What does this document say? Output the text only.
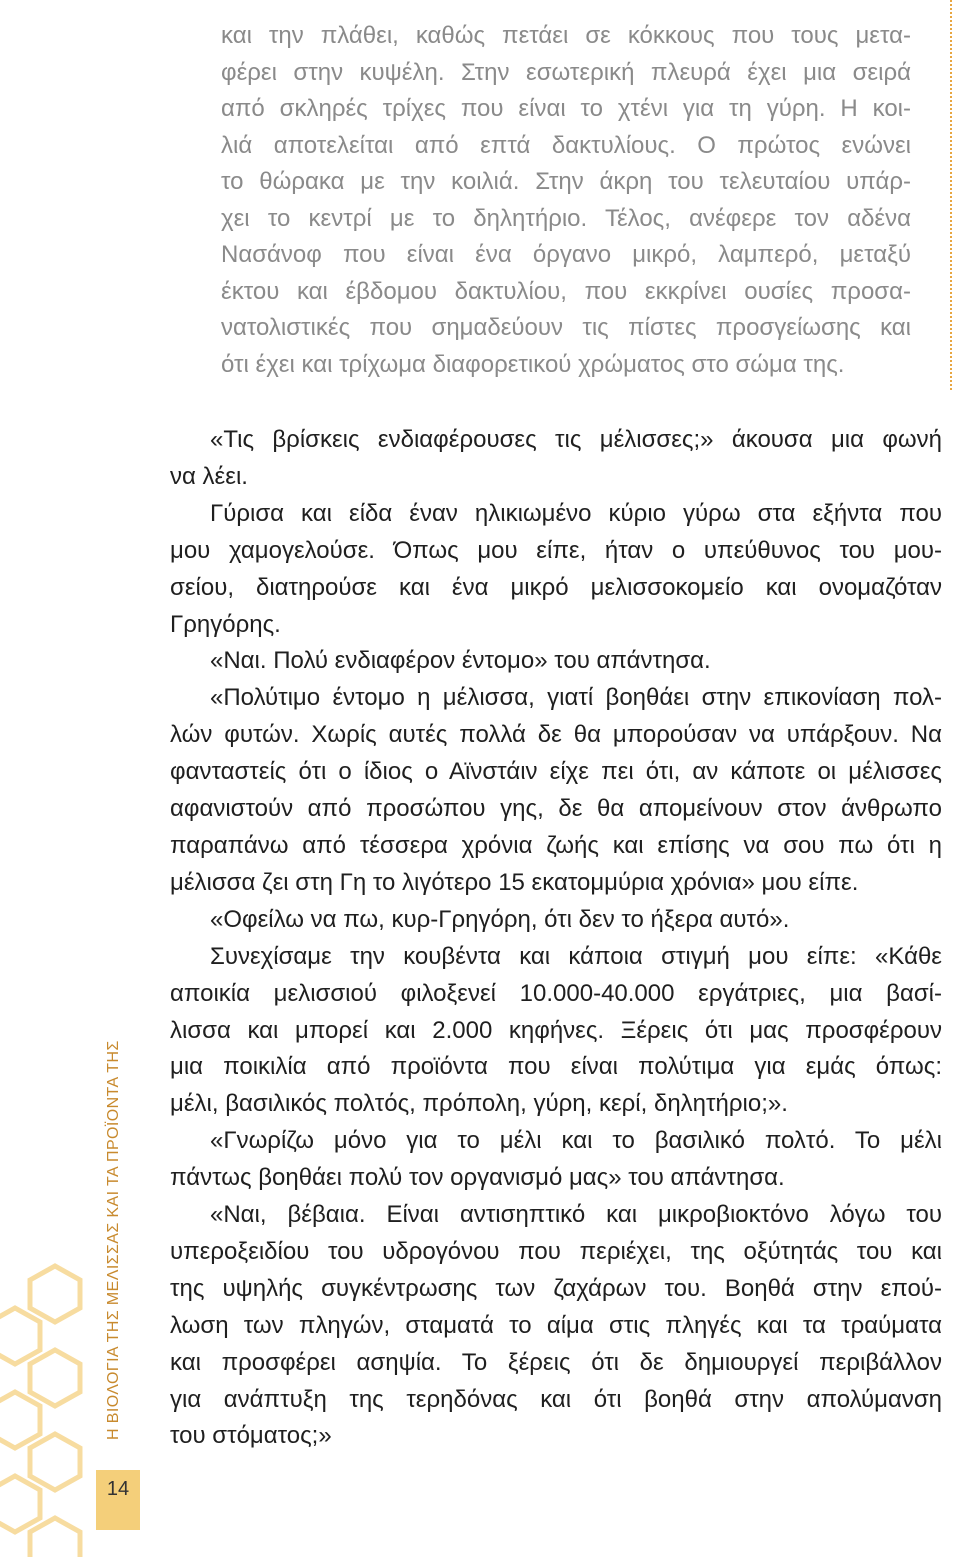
και την πλάθει, καθώς πετάει σε κόκκους που τους μετα-
φέρει στην κυψέλη. Στην εσωτερική πλευρά έχει μια σειρά
από σκληρές τρίχες που είναι το χτένι για τη γύρη. Η κοι-
λιά αποτελείται από επτά δακτυλίους. Ο πρώτος ενώνει
το θώρακα με την κοιλιά. Στην άκρη του τελευταίου υπάρ-
χει το κεντρί με το δηλητήριο. Τέλος, ανέφερε τον αδένα
Νασάνοφ που είναι ένα όργανο μικρό, λαμπερό, μεταξύ
έκτου και έβδομου δακτυλίου, που εκκρίνει ουσίες προσα-
νατολιστικές που σημαδεύουν τις πίστες προσγείωσης και
ότι έχει και τρίχωμα διαφορετικού χρώματος στο σώμα της.
«Τις βρίσκεις ενδιαφέρουσες τις μέλισσες;» άκουσα μια φωνή
να λέει.
Γύρισα και είδα έναν ηλικιωμένο κύριο γύρω στα εξήντα που
μου χαμογελούσε. Όπως μου είπε, ήταν ο υπεύθυνος του μου-
σείου, διατηρούσε και ένα μικρό μελισσοκομείο και ονομαζόταν
Γρηγόρης.
«Ναι. Πολύ ενδιαφέρον έντομο» του απάντησα.
«Πολύτιμο έντομο η μέλισσα, γιατί βοηθάει στην επικονίαση πολ-
λών φυτών. Χωρίς αυτές πολλά δε θα μπορούσαν να υπάρξουν. Να
φανταστείς ότι ο ίδιος ο Αϊνστάιν είχε πει ότι, αν κάποτε οι μέλισσες
αφανιστούν από προσώπου γης, δε θα απομείνουν στον άνθρωπο
παραπάνω από τέσσερα χρόνια ζωής και επίσης να σου πω ότι η
μέλισσα ζει στη Γη το λιγότερο 15 εκατομμύρια χρόνια» μου είπε.
«Οφείλω να πω, κυρ-Γρηγόρη, ότι δεν το ήξερα αυτό».
Συνεχίσαμε την κουβέντα και κάποια στιγμή μου είπε: «Κάθε
αποικία μελισσιού φιλοξενεί 10.000-40.000 εργάτριες, μια βασί-
λισσα και μπορεί και 2.000 κηφήνες. Ξέρεις ότι μας προσφέρουν
μια ποικιλία από προϊόντα που είναι πολύτιμα για εμάς όπως:
μέλι, βασιλικός πολτός, πρόπολη, γύρη, κερί, δηλητήριο;».
«Γνωρίζω μόνο για το μέλι και το βασιλικό πολτό. Το μέλι
πάντως βοηθάει πολύ τον οργανισμό μας» του απάντησα.
«Ναι, βέβαια. Είναι αντισηπτικό και μικροβιοκτόνο λόγω του
υπεροξειδίου του υδρογόνου που περιέχει, της οξύτητάς του και
της υψηλής συγκέντρωσης των ζαχάρων του. Βοηθά στην επού-
λωση των πληγών, σταματά το αίμα στις πληγές και τα τραύματα
και προσφέρει ασηψία. Το ξέρεις ότι δε δημιουργεί περιβάλλον
για ανάπτυξη της τερηδόνας και ότι βοηθά στην απολύμανση
του στόματος;»
Η ΒΙΟΛΟΓΙΑ ΤΗΣ ΜΕΛΙΣΣΑΣ ΚΑΙ ΤΑ ΠΡΟΪΟΝΤΑ ΤΗΣ
14
